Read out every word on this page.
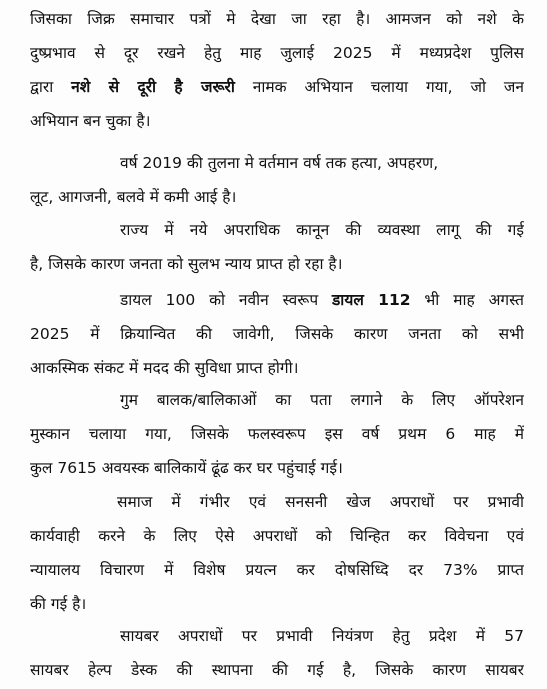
जिसका जिक्र समाचार पत्रों मे देखा जा रहा है। आमजन को नशे के
दुष्प्रभाव से दूर रखने हेतु माह जुलाई 2025 में मध्यप्रदेश पुलिस
द्वारा नशे से दूरी है जरूरी नामक अभियान चलाया गया, जो जन
अभियान बन चुका है।
वर्ष 2019 की तुलना मे वर्तमान वर्ष तक हत्या, अपहरण,
लूट, आगजनी, बलवे में कमी आई है।
राज्य में नये अपराधिक कानून की व्यवस्था लागू की गई
है, जिसके कारण जनता को सुलभ न्याय प्राप्त हो रहा है।
डायल 100 को नवीन स्वरूप डायल 112 भी माह अगस्त
2025 में क्रियान्वित की जावेगी, जिसके कारण जनता को सभी
आकस्मिक संकट में मदद की सुविधा प्राप्त होगी।
गुम बालक/बालिकाओं का पता लगाने के लिए ऑपरेशन
मुस्कान चलाया गया, जिसके फलस्वरूप इस वर्ष प्रथम 6 माह में
कुल 7615 अवयस्क बालिकायें ढूंढ कर घर पहुंचाई गई।
समाज में गंभीर एवं सनसनी खेज अपराधों पर प्रभावी
कार्यवाही करने के लिए ऐसे अपराधों को चिन्हित कर विवेचना एवं
न्यायालय विचारण में विशेष प्रयत्न कर दोषसिध्दि दर 73% प्राप्त
की गई है।
सायबर अपराधों पर प्रभावी नियंत्रण हेतु प्रदेश में 57
सायबर हेल्प डेस्क की स्थापना की गई है, जिसके कारण सायबर
